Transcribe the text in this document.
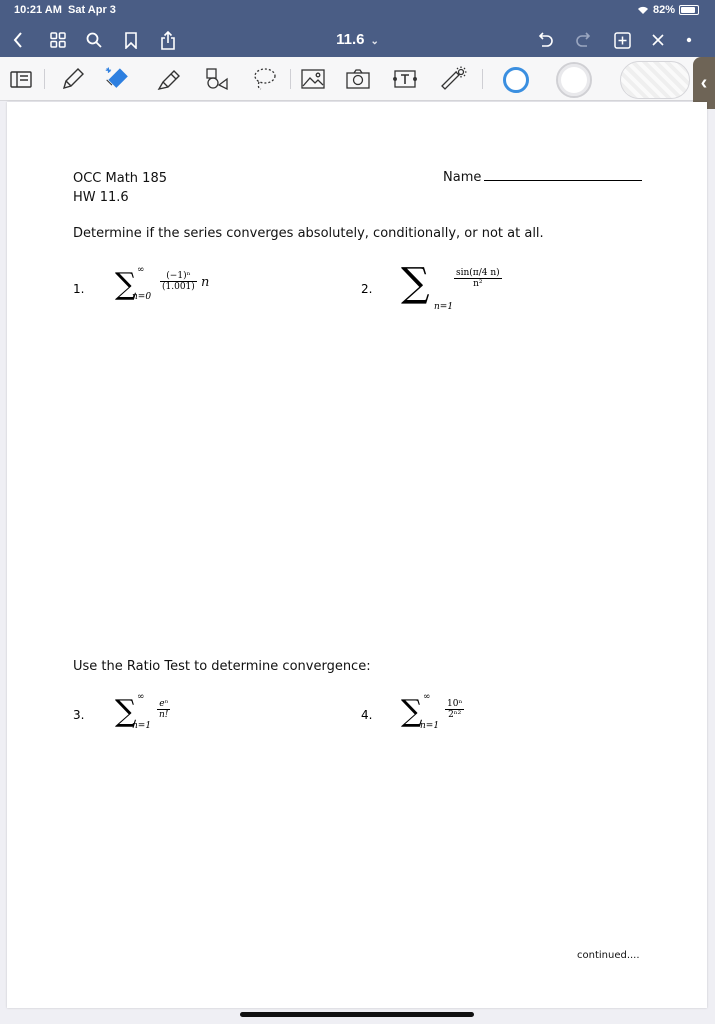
10:21 AM Sat Apr 3	82%
11.6 ⌄
‹
OCC Math 185
HW 11.6
Name
Determine if the series converges absolutely, conditionally, or not at all.
1. ∑ ∞
n=0
$\frac{\text{(−1)ⁿ}}{(1.001)}$ n	2. ∑
n=1
$\frac{\sin(\pi/4 n)}{\text{n²}}$
Use the Ratio Test to determine convergence:
3. ∑ ∞
n=1
$\frac{\text{eⁿ}}{n!}$	4. ∑ ∞
n=1
$\frac{\text{10ⁿ}}{\text{2ⁿ²}}$
continued....
